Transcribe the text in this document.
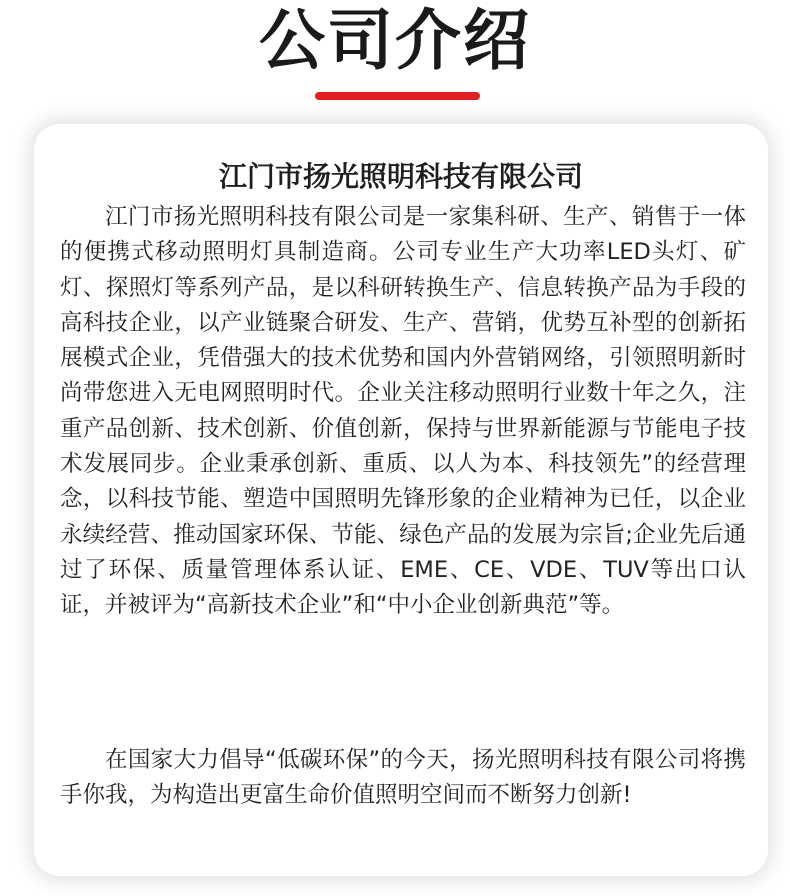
公司介绍
江门市扬光照明科技有限公司

江门市扬光照明科技有限公司是一家集科研、生产、销售于一体的便携式移动照明灯具制造商。公司专业生产大功率LED头灯、矿灯、探照灯等系列产品，是以科研转换生产、信息转换产品为手段的高科技企业，以产业链聚合研发、生产、营销，优势互补型的创新拓展模式企业，凭借强大的技术优势和国内外营销网络，引领照明新时尚带您进入无电网照明时代。企业关注移动照明行业数十年之久，注重产品创新、技术创新、价值创新，保持与世界新能源与节能电子技术发展同步。企业秉承创新、重质、以人为本、科技领先”的经营理念，以科技节能、塑造中国照明先锋形象的企业精神为已任，以企业永续经营、推动国家环保、节能、绿色产品的发展为宗旨;企业先后通过了环保、质量管理体系认证、EME、CE、VDE、TUV等出口认证，并被评为“高新技术企业”和“中小企业创新典范”等。

在国家大力倡导“低碳环保”的今天，扬光照明科技有限公司将携手你我，为构造出更富生命价值照明空间而不断努力创新!
